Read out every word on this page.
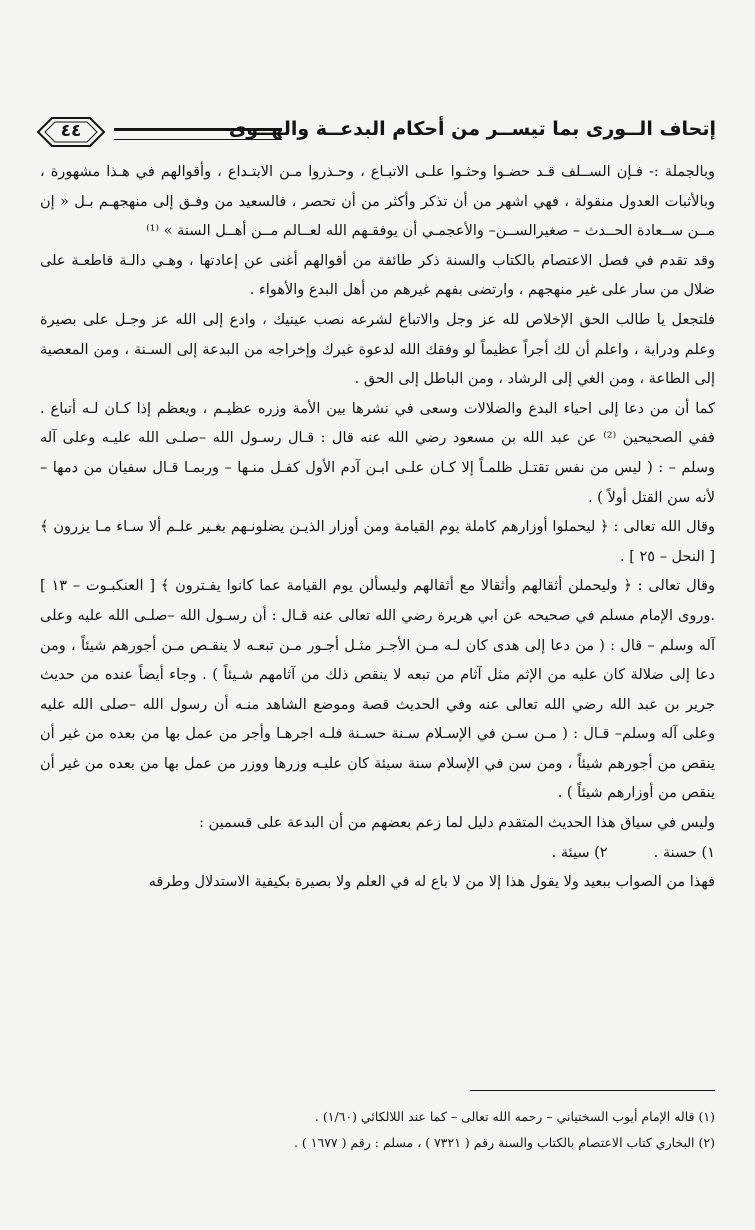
إتحاف الــورى بما تيســر من أحكام البدعــة والهــوى
٤٤

وبالجملة :- فـإن الســلف قـد حضـوا وحثـوا علـى الاتبـاع ، وحـذروا مـن الابتـداع ، وأقوالهم في هـذا مشهورة ، وبالأثبات العدول منقولة ، فهي اشهر من أن تذكر وأكثر من أن تحصر ، فالسعيد من وفـق إلى منهجهـم بـل « إن مــن ســعادة الحــدث – صغيرالســن– والأعجمـي أن يوفقـهم الله لعــالم مــن أهــل السنة » ⁽¹⁾

وقد تقدم في فصل الاعتصام بالكتاب والسنة ذكر طائفة من أقوالهم أغنى عن إعادتها ، وهـي دالـة قاطعـة على ضلال من سار على غير منهجهم ، وارتضى بفهم غيرهم من أهل البدع والأهواء .

فلتجعل يا طالب الحق الإخلاص لله عز وجل والاتباع لشرعه نصب عينيك ، وادع إلى الله عز وجـل على بصيرة وعلم ودراية ، واعلم أن لك أجراً عظيماً لو وفقك الله لدعوة غيرك وإخراجه من البدعة إلى السـنة ، ومن المعصية إلى الطاعة ، ومن الغي إلى الرشاد ، ومن الباطل إلى الحق .

كما أن من دعا إلى احياء البدع والضلالات وسعى في نشرها بين الأمة وزره عظيـم ، ويعظم إذا كـان لـه أتباع . ففي الصحيحين ⁽²⁾ عن عبد الله بن مسعود رضي الله عنه قال : قـال رسـول الله –صلـى الله عليـه وعلى آله وسلم – : ( ليس من نفس تقتـل ظلمـاً إلا كـان علـى ابـن آدم الأول كفـل منـها – وربمـا قـال سفيان من دمها – لأنه سن القتل أولاً ) .

وقال الله تعالى : ﴿ ليحملوا أوزارهم كاملة يوم القيامة ومن أوزار الذيـن يضلونـهم بغـير علـم ألا سـاء مـا يزرون ﴾ [ النحل – ٢٥ ] .

وقال تعالى : ﴿ وليحملن أثقالهم وأثقالا مع أثقالهم وليسألن يوم القيامة عما كانوا يفـترون ﴾ [ العنكبـوت – ١٣ ] .وروى الإمام مسلم في صحيحه عن ابي هريرة رضي الله تعالى عنه قـال : أن رسـول الله –صلـى الله عليه وعلى آله وسلم – قال : ( من دعا إلى هدى كان لـه مـن الأجـر مثـل أجـور مـن تبعـه لا ينقـص مـن أجورهم شيئاً ، ومن دعا إلى ضلالة كان عليه من الإثم مثل آثام من تبعه لا ينقص ذلك من آثامهم شـيئاً ) . وجاء أيضاً عنده من حديث جرير بن عبد الله رضي الله تعالى عنه وفي الحديث قصة وموضع الشاهد منـه أن رسول الله –صلى الله عليه وعلى آله وسلم– قـال : ( مـن سـن في الإسـلام سـنة حسـنة فلـه اجرهـا وأجر من عمل بها من بعده من غير أن ينقص من أجورهم شيئاً ، ومن سن في الإسلام سنة سيئة كان عليـه وزرها ووزر من عمل بها من بعده من غير أن ينقص من أوزارهم شيئاً ) .

وليس في سياق هذا الحديث المتقدم دليل لما زعم بعضهم من أن البدعة على قسمين :

١) حسنة .          ٢) سيئة .

فهذا من الصواب ببعيد ولا يقول هذا إلا من لا باع له في العلم ولا بصيرة بكيفية الاستدلال وطرقه

(١) قاله الإمام أيوب السختياني – رحمه الله تعالى – كما عند اللالكائي (١/٦٠) .

(٢) البخاري كتاب الاعتصام بالكتاب والسنة رقم ( ٧٣٢١ ) ، مسلم : رقم ( ١٦٧٧ ) .
